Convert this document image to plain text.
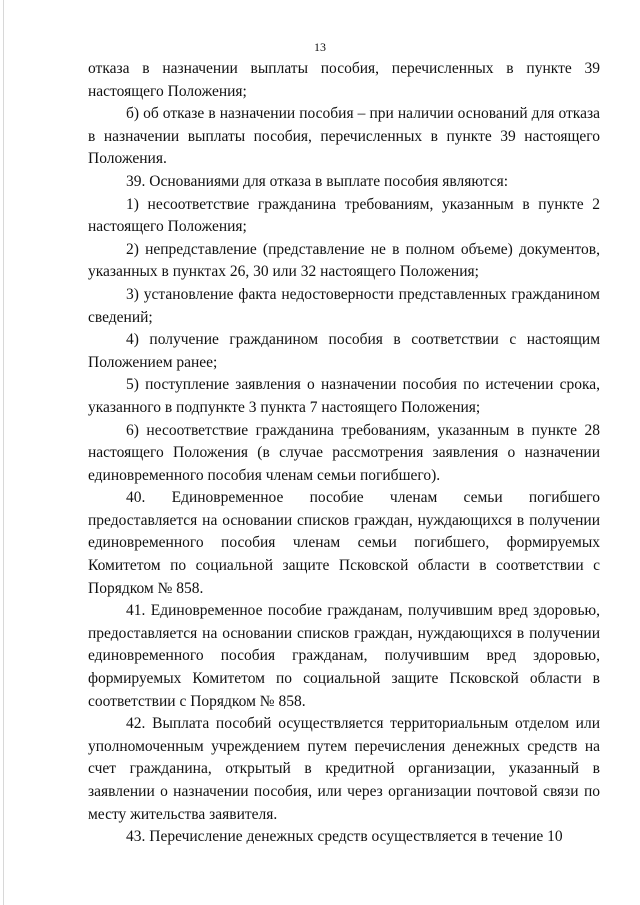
13

отказа в назначении выплаты пособия, перечисленных в пункте 39 настоящего Положения;

б) об отказе в назначении пособия – при наличии оснований для отказа в назначении выплаты пособия, перечисленных в пункте 39 настоящего Положения.

39. Основаниями для отказа в выплате пособия являются:

1) несоответствие гражданина требованиям, указанным в пункте 2 настоящего Положения;

2) непредставление (представление не в полном объеме) документов, указанных в пунктах 26, 30 или 32 настоящего Положения;

3) установление факта недостоверности представленных гражданином сведений;

4) получение гражданином пособия в соответствии с настоящим Положением ранее;

5) поступление заявления о назначении пособия по истечении срока, указанного в подпункте 3 пункта 7 настоящего Положения;

6) несоответствие гражданина требованиям, указанным в пункте 28 настоящего Положения (в случае рассмотрения заявления о назначении единовременного пособия членам семьи погибшего).

40. Единовременное пособие членам семьи погибшего предоставляется на основании списков граждан, нуждающихся в получении единовременного пособия членам семьи погибшего, формируемых Комитетом по социальной защите Псковской области в соответствии с Порядком № 858.

41. Единовременное пособие гражданам, получившим вред здоровью, предоставляется на основании списков граждан, нуждающихся в получении единовременного пособия гражданам, получившим вред здоровью, формируемых Комитетом по социальной защите Псковской области в соответствии с Порядком № 858.

42. Выплата пособий осуществляется территориальным отделом или уполномоченным учреждением путем перечисления денежных средств на счет гражданина, открытый в кредитной организации, указанный в заявлении о назначении пособия, или через организации почтовой связи по месту жительства заявителя.

43. Перечисление денежных средств осуществляется в течение 10
